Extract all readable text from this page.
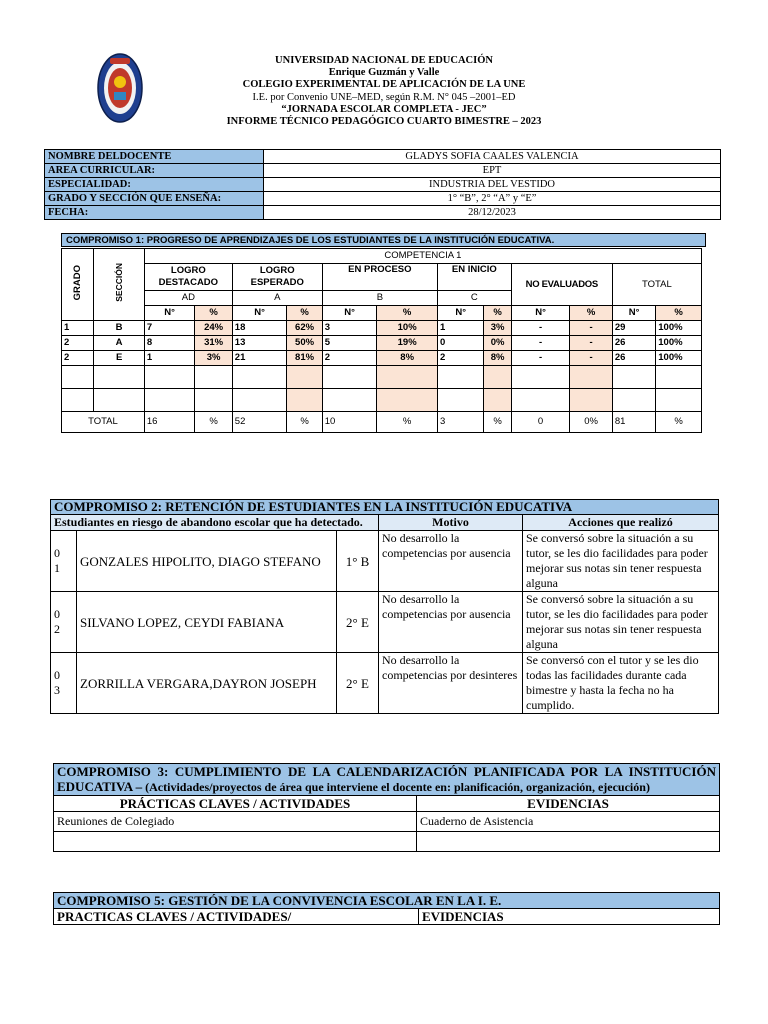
UNIVERSIDAD NACIONAL DE EDUCACIÓN
Enrique Guzmán y Valle
COLEGIO EXPERIMENTAL DE APLICACIÓN DE LA UNE
I.E. por Convenio UNE–MED, según R.M. N° 045 –2001–ED
“JORNADA ESCOLAR COMPLETA - JEC”
INFORME TÉCNICO PEDAGÓGICO CUARTO BIMESTRE – 2023
NOMBRE DELDOCENTE	GLADYS SOFIA CAALES VALENCIA
AREA CURRICULAR:	EPT
ESPECIALIDAD:	INDUSTRIA DEL VESTIDO
GRADO Y SECCIÓN QUE ENSEÑA:	1° “B”, 2° “A” y “E”
FECHA:	28/12/2023
COMPROMISO 1: PROGRESO DE APRENDIZAJES DE LOS ESTUDIANTES DE LA INSTITUCIÓN EDUCATIVA.
GRADO	SECCIÓN	COMPETENCIA 1											
		LOGRO DESTACADO		LOGRO ESPERADO		EN PROCESO		EN INICIO		NO EVALUADOS		TOTAL	
		AD		A		B		C					
		N°	%	N°	%	N°	%	N°	%	N°	%	N°	%
1	B	7	24%	18	62%	3	10%	1	3%	-	-	29	100%
2	A	8	31%	13	50%	5	19%	0	0%	-	-	26	100%
2	E	1	3%	21	81%	2	8%	2	8%	-	-	26	100%

TOTAL		16	%	52	%	10	%	3	%	0	0%	81	%
COMPROMISO 2: RETENCIÓN DE ESTUDIANTES EN LA INSTITUCIÓN EDUCATIVA				
Estudiantes en riesgo de abandono escolar que ha detectado.			Motivo	Acciones que realizó
0
1	GONZALES HIPOLITO, DIAGO STEFANO	1° B	No desarrollo la competencias por ausencia	Se conversó sobre la situación a su tutor, se les dio facilidades para poder mejorar sus notas sin tener respuesta alguna
0
2	SILVANO LOPEZ, CEYDI FABIANA	2° E	No desarrollo la competencias por ausencia	Se conversó sobre la situación a su tutor, se les dio facilidades para poder mejorar sus notas sin tener respuesta alguna
0
3	ZORRILLA VERGARA,DAYRON JOSEPH	2° E	No desarrollo la competencias por desinteres	Se conversó con el tutor y se les dio todas las facilidades durante cada bimestre y hasta la fecha no ha cumplido.
COMPROMISO 3: CUMPLIMIENTO DE LA CALENDARIZACIÓN PLANIFICADA POR LA INSTITUCIÓN EDUCATIVA – (Actividades/proyectos de área que interviene el docente en: planificación, organización, ejecución)	
PRÁCTICAS CLAVES / ACTIVIDADES	EVIDENCIAS
Reuniones de Colegiado	Cuaderno de Asistencia

COMPROMISO 5: GESTIÓN DE LA CONVIVENCIA ESCOLAR EN LA I. E.
PRACTICAS CLAVES / ACTIVIDADES/	EVIDENCIAS
